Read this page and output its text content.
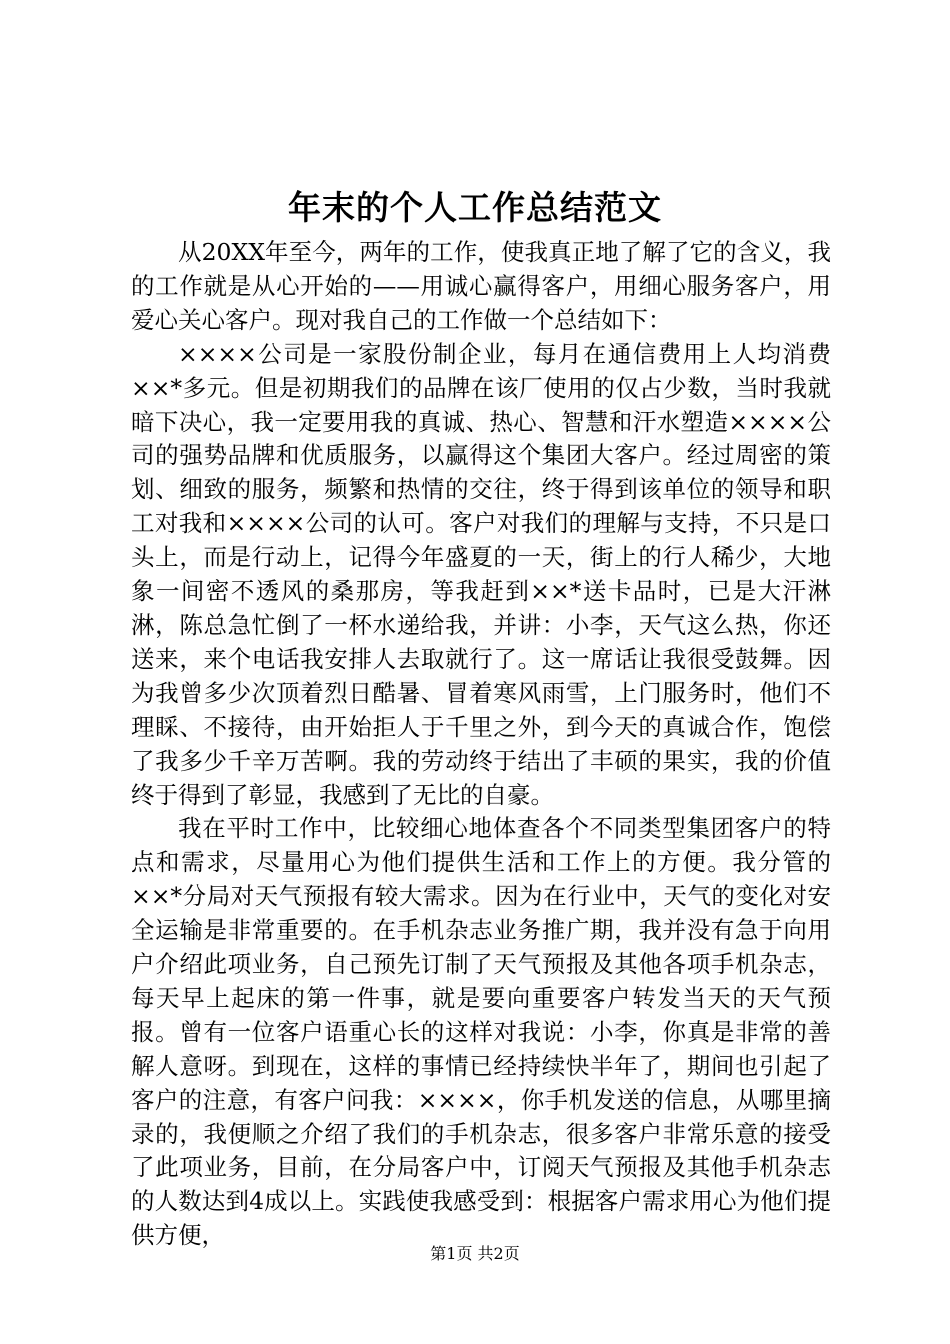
年末的个人工作总结范文

从20XX年至今，两年的工作，使我真正地了解了它的含义，我的工作就是从心开始的——用诚心赢得客户，用细心服务客户，用爱心关心客户。现对我自己的工作做一个总结如下：

××××公司是一家股份制企业，每月在通信费用上人均消费××*多元。但是初期我们的品牌在该厂使用的仅占少数，当时我就暗下决心，我一定要用我的真诚、热心、智慧和汗水塑造××××公司的强势品牌和优质服务，以赢得这个集团大客户。经过周密的策划、细致的服务，频繁和热情的交往，终于得到该单位的领导和职工对我和××××公司的认可。客户对我们的理解与支持，不只是口头上，而是行动上，记得今年盛夏的一天，街上的行人稀少，大地象一间密不透风的桑那房，等我赶到××*送卡品时，已是大汗淋淋，陈总急忙倒了一杯水递给我，并讲：小李，天气这么热，你还送来，来个电话我安排人去取就行了。这一席话让我很受鼓舞。因为我曾多少次顶着烈日酷暑、冒着寒风雨雪，上门服务时，他们不理睬、不接待，由开始拒人于千里之外，到今天的真诚合作，饱偿了我多少千辛万苦啊。我的劳动终于结出了丰硕的果实，我的价值终于得到了彰显，我感到了无比的自豪。

我在平时工作中，比较细心地体查各个不同类型集团客户的特点和需求，尽量用心为他们提供生活和工作上的方便。我分管的××*分局对天气预报有较大需求。因为在行业中，天气的变化对安全运输是非常重要的。在手机杂志业务推广期，我并没有急于向用户介绍此项业务，自己预先订制了天气预报及其他各项手机杂志，每天早上起床的第一件事，就是要向重要客户转发当天的天气预报。曾有一位客户语重心长的这样对我说：小李，你真是非常的善解人意呀。到现在，这样的事情已经持续快半年了，期间也引起了客户的注意，有客户问我：××××，你手机发送的信息，从哪里摘录的，我便顺之介绍了我们的手机杂志，很多客户非常乐意的接受了此项业务，目前，在分局客户中，订阅天气预报及其他手机杂志的人数达到4成以上。实践使我感受到：根据客户需求用心为他们提供方便，

第1页 共2页
